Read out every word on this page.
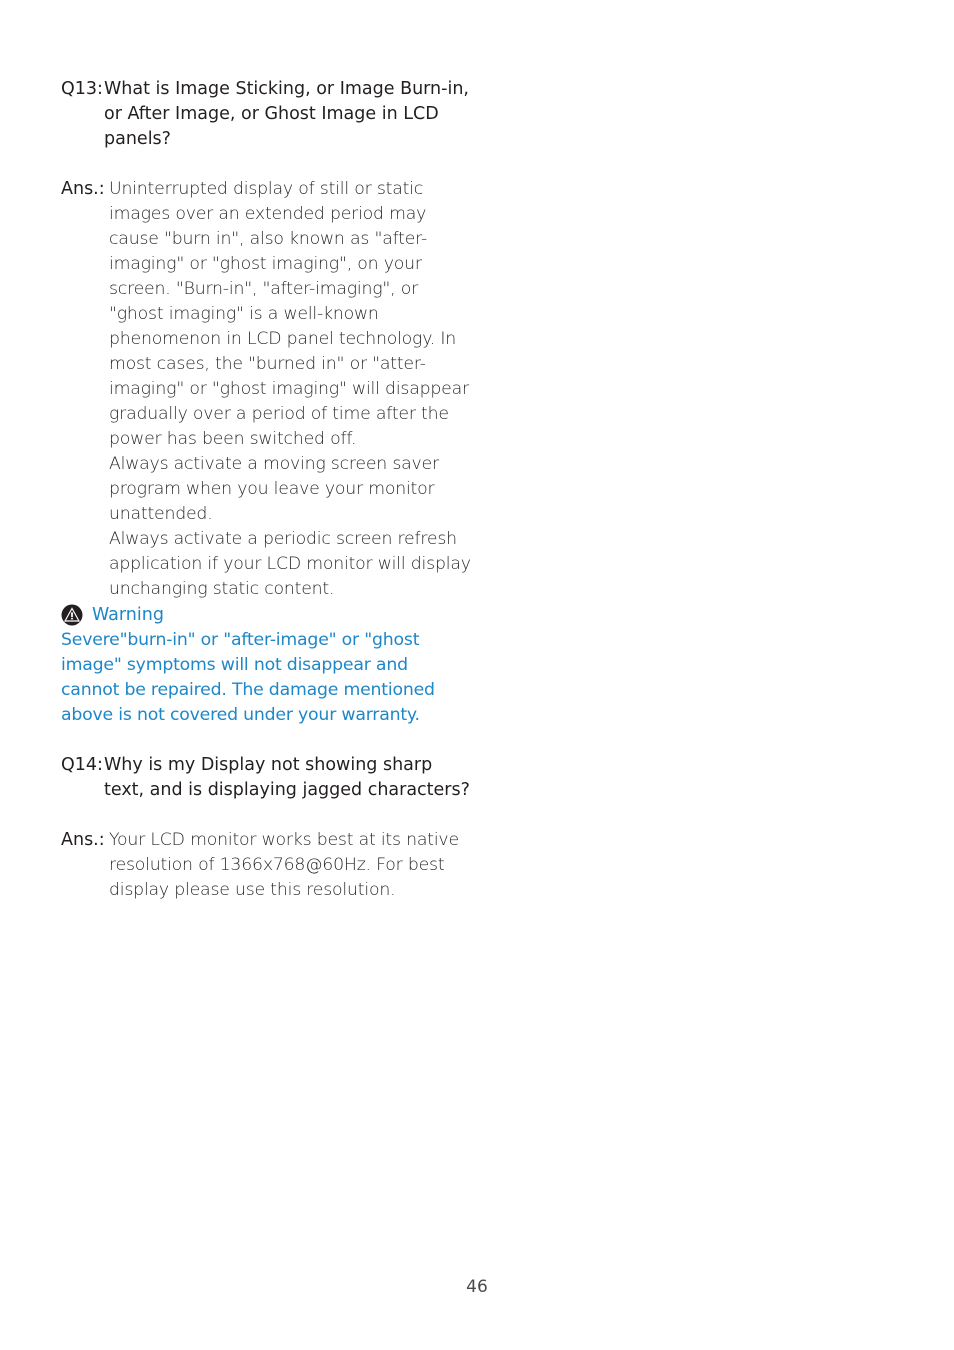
Q13: What is Image Sticking, or Image Burn-in, or After Image, or Ghost Image in LCD panels?
Ans.: Uninterrupted display of still or static images over an extended period may cause "burn in", also known as "after-imaging" or "ghost imaging", on your screen. "Burn-in", "after-imaging", or "ghost imaging" is a well-known phenomenon in LCD panel technology. In most cases, the "burned in" or "atter-imaging" or "ghost imaging" will disappear gradually over a period of time after the power has been switched off.

Always activate a moving screen saver program when you leave your monitor unattended.

Always activate a periodic screen refresh application if your LCD monitor will display unchanging static content.

Warning
Severe"burn-in" or "after-image" or "ghost image" symptoms will not disappear and cannot be repaired. The damage mentioned above is not covered under your warranty.
Q14: Why is my Display not showing sharp text, and is displaying jagged characters?
Ans.: Your LCD monitor works best at its native resolution of 1366x768@60Hz. For best display please use this resolution.
46
